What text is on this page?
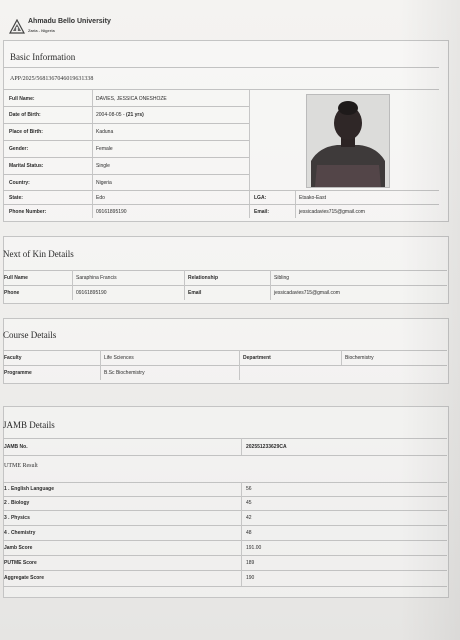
Ahmadu Bello University
Zaria - Nigeria
Basic Information
APP/2025/568136704601963133​8
Full Name:	DAVIES, JESSICA ONESHOZE
Date of Birth:	2004-08-05 - (21 yrs)
Place of Birth:	Kaduna
Gender:	Female
Marital Status:	Single
Country:	Nigeria
State:	Edo	LGA:	Etsako-East
Phone Number:	09161895190	Email:	jessicadavies715@gmail.com
Next of Kin Details
Full Name	Saraphina Francis	Relationship	Sibling
Phone	09161895190	Email	jessicadavies715@gmail.com
Course Details
Faculty	Life Sciences	Department	Biochemistry
Programme	B.Sc Biochemistry
JAMB Details
JAMB No.	202551233629CA
UTME Result
1 . English Language	56
2 . Biology	45
3 . Physics	42
4 . Chemistry	48
Jamb Score	191.00
PUTME Score	189
Aggregate Score	190
